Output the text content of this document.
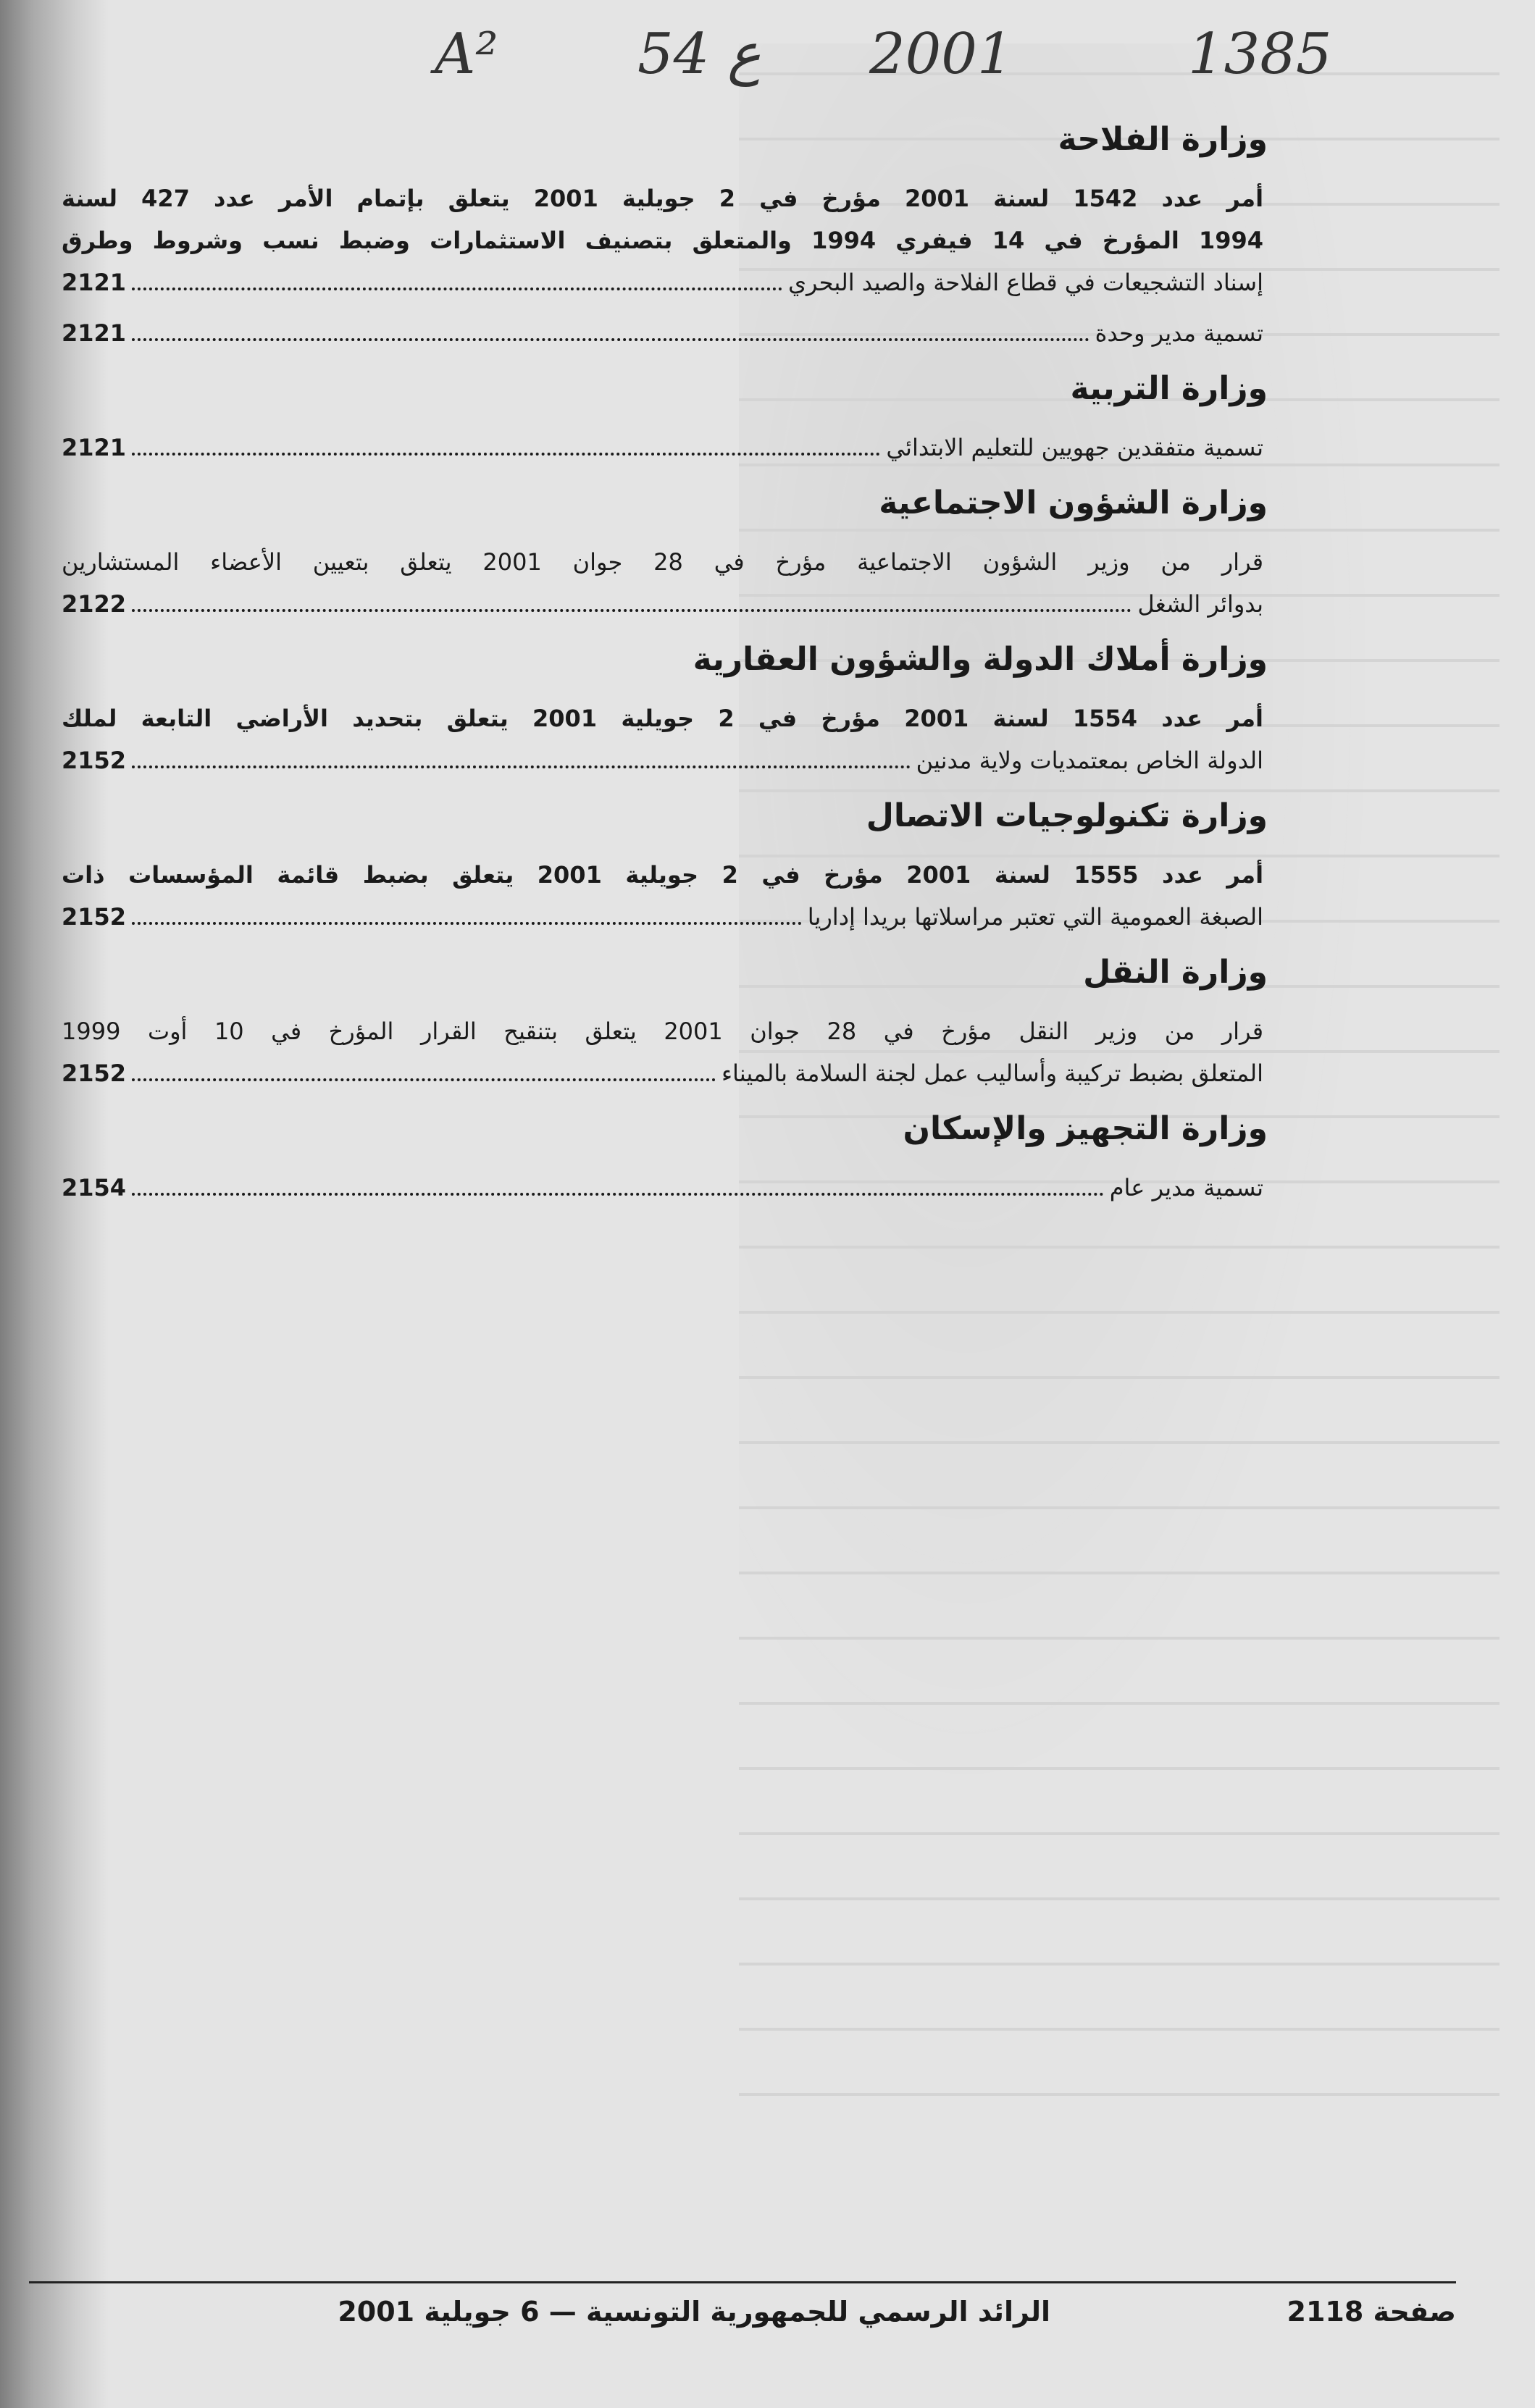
A² 54 ع 2001	1385
وزارة الفلاحة
أمر عدد 1542 لسنة 2001 مؤرخ في 2 جويلية 2001 يتعلق بإتمام الأمر عدد 427 لسنة
1994 المؤرخ في 14 فيفري 1994 والمتعلق بتصنيف الاستثمارات وضبط نسب وشروط وطرق
إسناد التشجيعات في قطاع الفلاحة والصيد البحري
2121
تسمية مدير وحدة
2121
وزارة التربية
تسمية متفقدين جهويين للتعليم الابتدائي
2121
وزارة الشؤون الاجتماعية
قرار من وزير الشؤون الاجتماعية مؤرخ في 28 جوان 2001 يتعلق بتعيين الأعضاء المستشارين
بدوائر الشغل
2122
وزارة أملاك الدولة والشؤون العقارية
أمر عدد 1554 لسنة 2001 مؤرخ في 2 جويلية 2001 يتعلق بتحديد الأراضي التابعة لملك
الدولة الخاص بمعتمديات ولاية مدنين
2152
وزارة تكنولوجيات الاتصال
أمر عدد 1555 لسنة 2001 مؤرخ في 2 جويلية 2001 يتعلق بضبط قائمة المؤسسات ذات
الصبغة العمومية التي تعتبر مراسلاتها بريدا إداريا
2152
وزارة النقل
قرار من وزير النقل مؤرخ في 28 جوان 2001 يتعلق بتنقيح القرار المؤرخ في 10 أوت 1999
المتعلق بضبط تركيبة وأساليب عمل لجنة السلامة بالميناء
2152
وزارة التجهيز والإسكان
تسمية مدير عام
2154
صفحة 2118
الرائد الرسمي للجمهورية التونسية — 6 جويلية 2001
